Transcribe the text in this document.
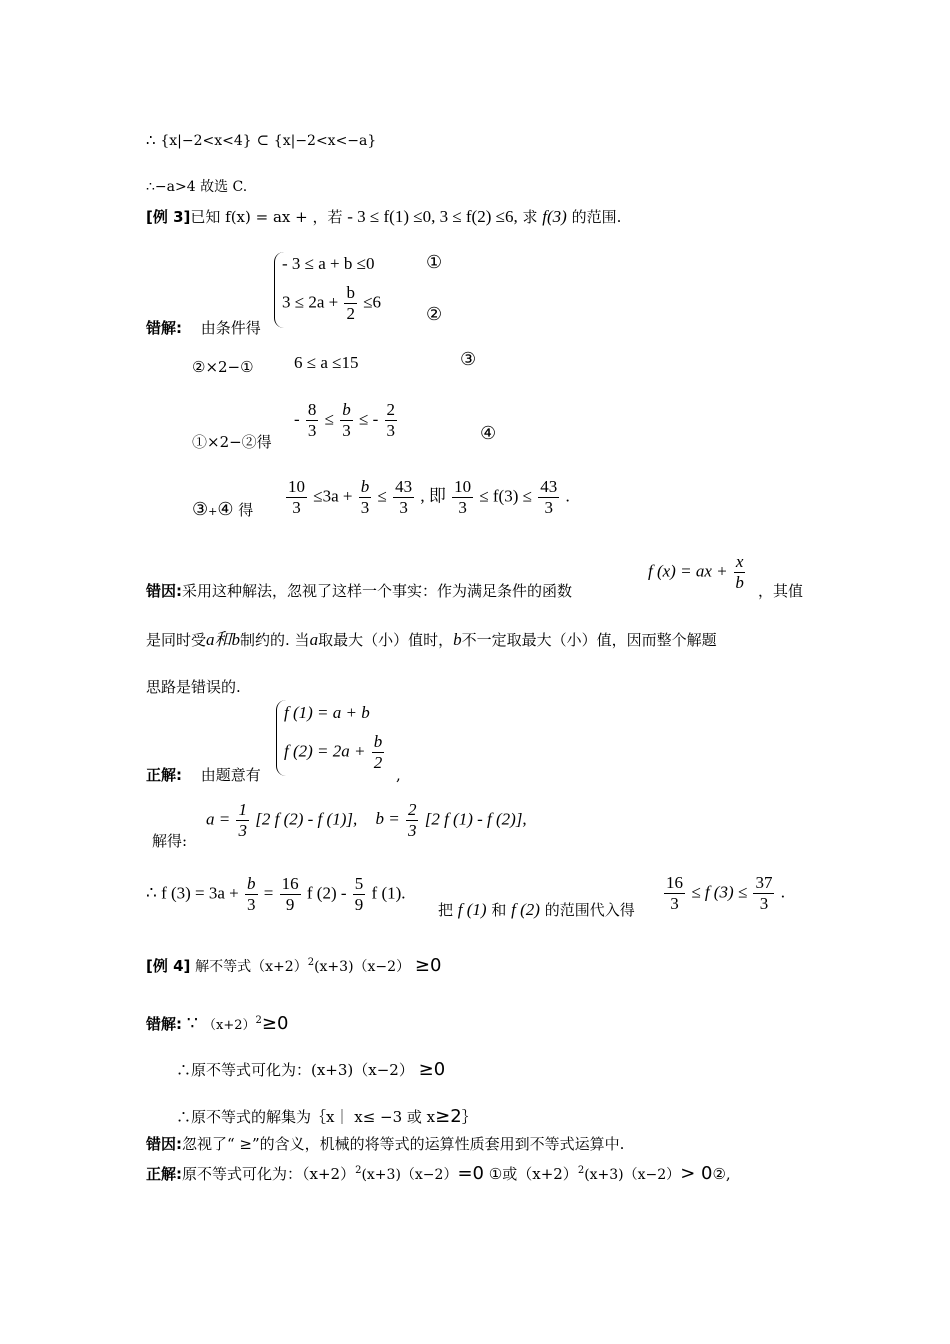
∴ {x|−2<x<4} ⊂ {x|−2<x<−a}
∴−a>4 故选 C.
[例 3]已知 f(x) = ax + ，若 - 3 ≤ f(1) ≤0, 3 ≤ f(2) ≤6, 求 f(3) 的范围.
- 3 ≤ a + b ≤0
$3 \le 2a + \frac{b}{2} \le 6$
①
②
错解: 由条件得
②×2−① 6 ≤ a ≤15	③
- $\frac{8}{3} \le \frac{b}{3}$ ≤ - $\frac{2}{3}$
①×2−②得	④
③+④ 得 $\frac{10}{3} \le 3a + \frac{b}{3} \le \frac{43}{3}$ , 即 $\frac{10}{3} \le f(3) \le \frac{43}{3}$ .
f (x) = ax + $\frac{x}{b}$
错因:采用这种解法，忽视了这样一个事实：作为满足条件的函数	，其值
是同时受a和b制约的. 当a取最大（小）值时，b不一定取最大（小）值，因而整个解题
思路是错误的.
f (1) = a + b
f $(2) = 2a + \frac{b}{2}$
正解: 由题意有	,
$a = \frac{1}{3} [2$ f (2) - f (1)], $b = \frac{2}{3} [2$ f (1) - f (2)],
解得:
∴ f $(3) = 3a + \frac{b}{3} = \frac{16}{9}$ f $(2) - \frac{5}{9}$ f (1).
把 f (1) 和 f (2) 的范围代入得 $\frac{16}{3} \le f$ $(3) \le \frac{37}{3}$ .
[例 4] 解不等式$(x+2)^2(x+3)(x-2) \ge 0$
错解: ∵ $(x+2)^2\ge 0$
∴原不等式可化为：(x+3)（x−2） ≥0
∴原不等式的解集为｛x｜ x≤ −3 或 x≥2｝
错因:忽视了“ ≥”的含义，机械的将等式的运算性质套用到不等式运算中.
正解:原不等式可化为：$(x+2)^2(x+3)(x-2)=0$ ①或$(x+2)^2(x+3)(x-2)>$ 0②,
